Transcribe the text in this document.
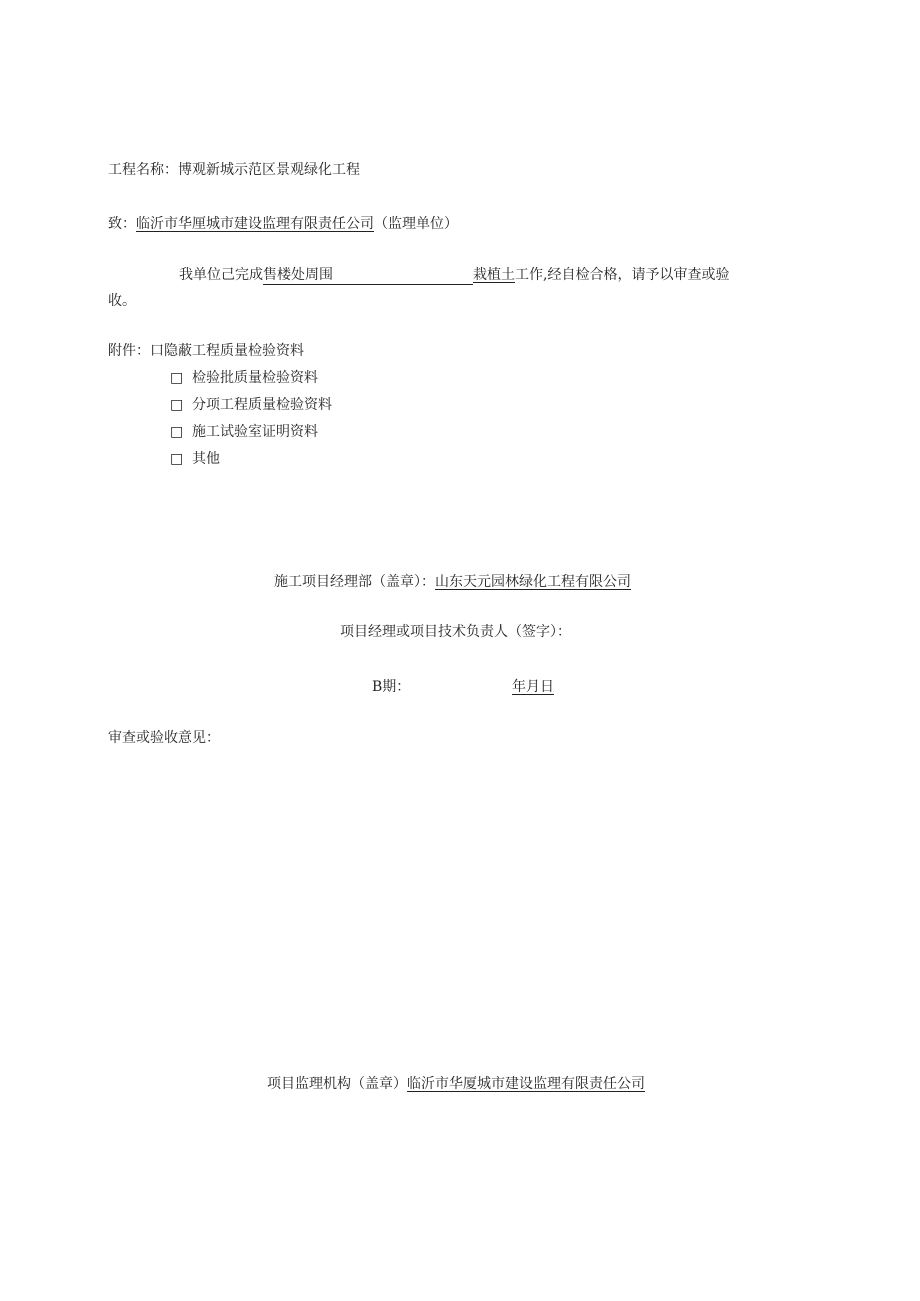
工程名称：博观新城示范区景观绿化工程
致：临沂市华厘城市建设监理有限责任公司（监理单位）
我单位己完成售楼处周围	栽植土工作,经自检合格，请予以审查或验
收。
附件：口隐蔽工程质量检验资料
□ 检验批质量检验资料
□ 分项工程质量检验资料
□ 施工试验室证明资料
□ 其他
施工项目经理部（盖章）：山东天元园林绿化工程有限公司
项目经理或项目技术负责人（签字）：
B期：	年月日
审查或验收意见：
项目监理机构（盖章）临沂市华厦城市建设监理有限责任公司
